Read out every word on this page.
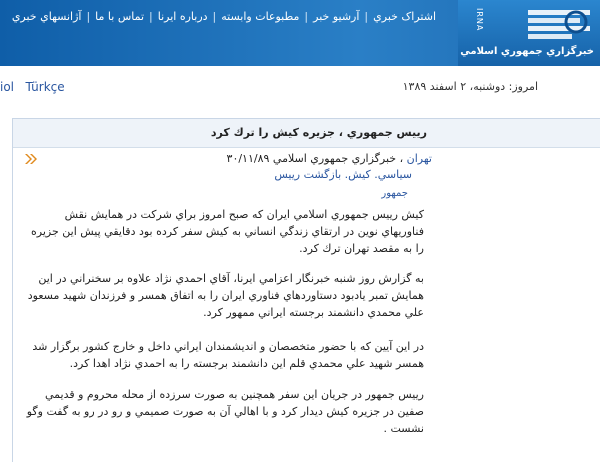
اشتراک خبري
|
آرشيو خبر
|
مطبوعات وابسته
|
درباره ايرنا
|
تماس با ما
|
آژانسهاي خبري	IRNA
خبرگزاري جمهوري اسلامي
iol Türkçe	امروز: دوشنبه، ٢ اسفند ١٣٨٩
رييس جمهوري ، جزيره كيش را ترك كرد
تهران ، خبرگزاري جمهوري اسلامي ٣٠/١١/٨٩
سياسي. كيش. بازگشت رييس
جمهور
كيش رييس جمهوري اسلامي ايران كه صبح امروز براي شركت در همايش نقش فناوريهاي نوين در ارتقاي زندگي انساني به كيش سفر كرده بود دقايقي پيش اين جزيره را به مقصد تهران ترك كرد.
به گزارش روز شنبه خبرنگار اعزامي ايرنا، آقاي احمدي نژاد علاوه بر سخنراني در اين همايش تمبر يادبود دستاوردهاي فناوري ايران را به اتفاق همسر و فرزندان شهيد مسعود علي محمدي دانشمند برجسته ايراني ممهور كرد.
در اين آيين كه با حضور متخصصان و انديشمندان ايراني داخل و خارج كشور برگزار شد همسر شهيد علي محمدي قلم اين دانشمند برجسته را به احمدي نژاد اهدا كرد.
رييس جمهور در جريان اين سفر همچنين به صورت سرزده از محله محروم و قديمي صفين در جزيره كيش ديدار كرد و با اهالي آن به صورت صميمي و رو در رو به گفت وگو نشست .
